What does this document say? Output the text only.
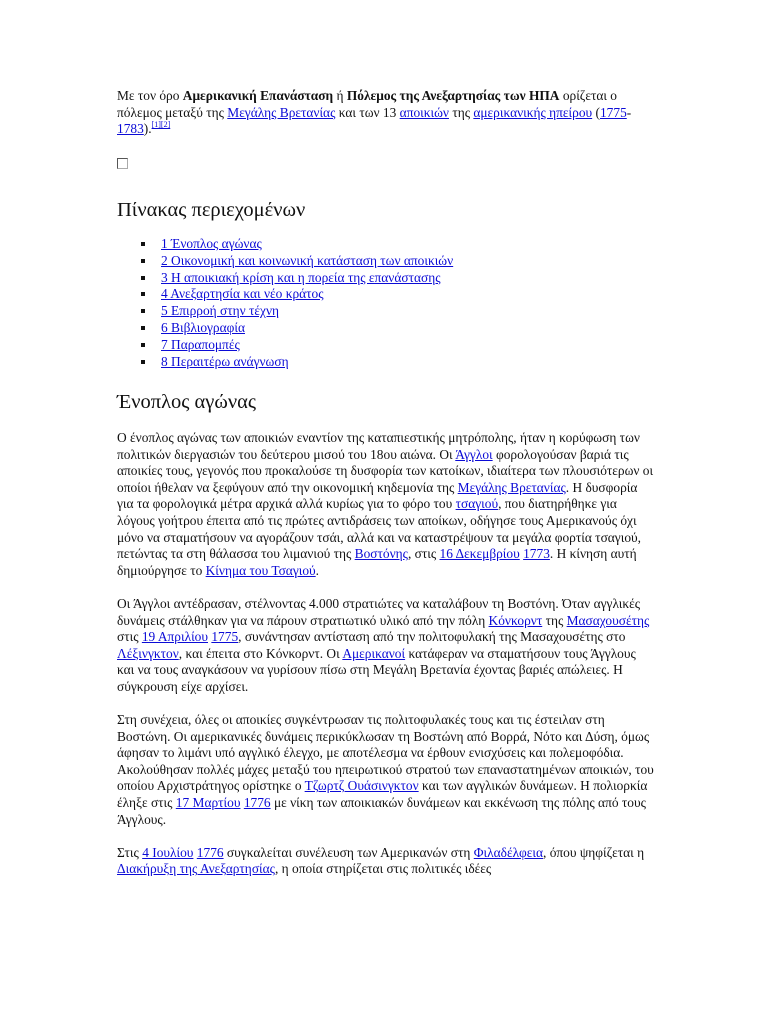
Με τον όρο Αμερικανική Επανάσταση ή Πόλεμος της Ανεξαρτησίας των ΗΠΑ ορίζεται ο πόλεμος μεταξύ της Μεγάλης Βρετανίας και των 13 αποικιών της αμερικανικής ηπείρου (1775-1783).[1][2]

Πίνακας περιεχομένων
1 Ένοπλος αγώνας
2 Οικονομική και κοινωνική κατάσταση των αποικιών
3 Η αποικιακή κρίση και η πορεία της επανάστασης
4 Ανεξαρτησία και νέο κράτος
5 Επιρροή στην τέχνη
6 Βιβλιογραφία
7 Παραπομπές
8 Περαιτέρω ανάγνωση
Ένοπλος αγώνας

Ο ένοπλος αγώνας των αποικιών εναντίον της καταπιεστικής μητρόπολης, ήταν η κορύφωση των πολιτικών διεργασιών του δεύτερου μισού του 18ου αιώνα. Οι Άγγλοι φορολογούσαν βαριά τις αποικίες τους, γεγονός που προκαλούσε τη δυσφορία των κατοίκων, ιδιαίτερα των πλουσιότερων οι οποίοι ήθελαν να ξεφύγουν από την οικονομική κηδεμονία της Μεγάλης Βρετανίας. Η δυσφορία για τα φορολογικά μέτρα αρχικά αλλά κυρίως για το φόρο του τσαγιού, που διατηρήθηκε για λόγους γοήτρου έπειτα από τις πρώτες αντιδράσεις των αποίκων, οδήγησε τους Αμερικανούς όχι μόνο να σταματήσουν να αγοράζουν τσάι, αλλά και να καταστρέψουν τα μεγάλα φορτία τσαγιού, πετώντας τα στη θάλασσα του λιμανιού της Βοστόνης, στις 16 Δεκεμβρίου 1773. Η κίνηση αυτή δημιούργησε το Κίνημα του Τσαγιού.

Οι Άγγλοι αντέδρασαν, στέλνοντας 4.000 στρατιώτες να καταλάβουν τη Βοστόνη. Όταν αγγλικές δυνάμεις στάλθηκαν για να πάρουν στρατιωτικό υλικό από την πόλη Κόνκορντ της Μασαχουσέτης στις 19 Απριλίου 1775, συνάντησαν αντίσταση από την πολιτοφυλακή της Μασαχουσέτης στο Λέξινγκτον, και έπειτα στο Κόνκορντ. Οι Αμερικανοί κατάφεραν να σταματήσουν τους Άγγλους και να τους αναγκάσουν να γυρίσουν πίσω στη Μεγάλη Βρετανία έχοντας βαριές απώλειες. Η σύγκρουση είχε αρχίσει.

Στη συνέχεια, όλες οι αποικίες συγκέντρωσαν τις πολιτοφυλακές τους και τις έστειλαν στη Βοστώνη. Οι αμερικανικές δυνάμεις περικύκλωσαν τη Βοστώνη από Βορρά, Νότο και Δύση, όμως άφησαν το λιμάνι υπό αγγλικό έλεγχο, με αποτέλεσμα να έρθουν ενισχύσεις και πολεμοφόδια. Ακολούθησαν πολλές μάχες μεταξύ του ηπειρωτικού στρατού των επαναστατημένων αποικιών, του οποίου Αρχιστράτηγος ορίστηκε ο Τζωρτζ Ουάσινγκτον και των αγγλικών δυνάμεων. Η πολιορκία έληξε στις 17 Μαρτίου 1776 με νίκη των αποικιακών δυνάμεων και εκκένωση της πόλης από τους Άγγλους.

Στις 4 Ιουλίου 1776 συγκαλείται συνέλευση των Αμερικανών στη Φιλαδέλφεια, όπου ψηφίζεται η Διακήρυξη της Ανεξαρτησίας, η οποία στηρίζεται στις πολιτικές ιδέες
